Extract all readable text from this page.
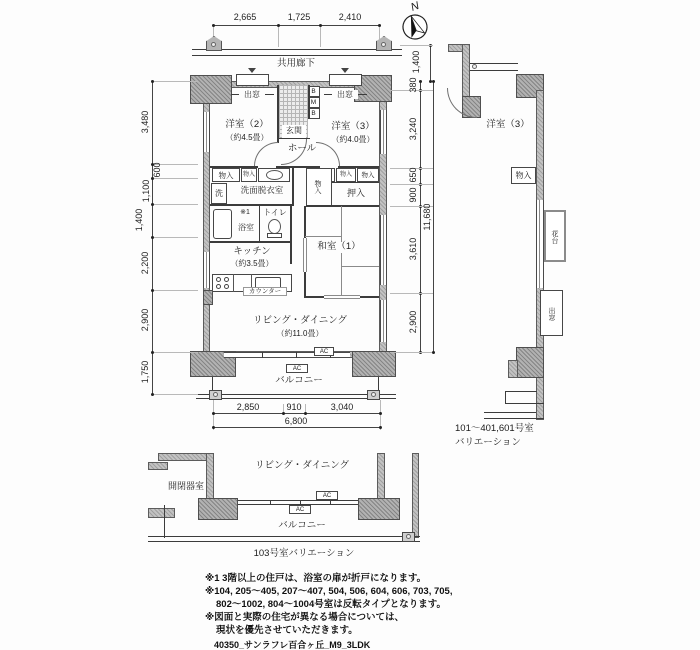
2,665	1,725	2,410
N
共用廊下	1,400
出窓	出窓
B
M
B
玄関
洋室（2）
（約4.5畳）
洋室（3）
（約4.0畳）
ホール
物入	物入	物入	物入
洗	洗面脱衣室	物入	押入
※1
浴室
トイレ
キッチン
（約3.5畳）
カウンター
和室（1）
リビング・ダイニング
（約11.0畳）
AC
AC
バルコニー
3,480
600
1,100
1,400
2,200
2,900
1,750
380
3,240
650
900
3,610
2,900
11,680
2,850	910	3,040
6,800
洋室（3）
物入
花台
出窓
101〜401,601号室
バリエーション
リビング・ダイニング
開閉器室
AC
AC
バルコニー
103号室バリエーション
※1 3階以上の住戸は、浴室の扉が折戸になります。
※104, 205〜405, 207〜407, 504, 506, 604, 606, 703, 705,
802〜1002, 804〜1004号室は反転タイプとなります。
※図面と実際の住宅が異なる場合については、
現状を優先させていただきます。
40350_サンラフレ百合ヶ丘_M9_3LDK
